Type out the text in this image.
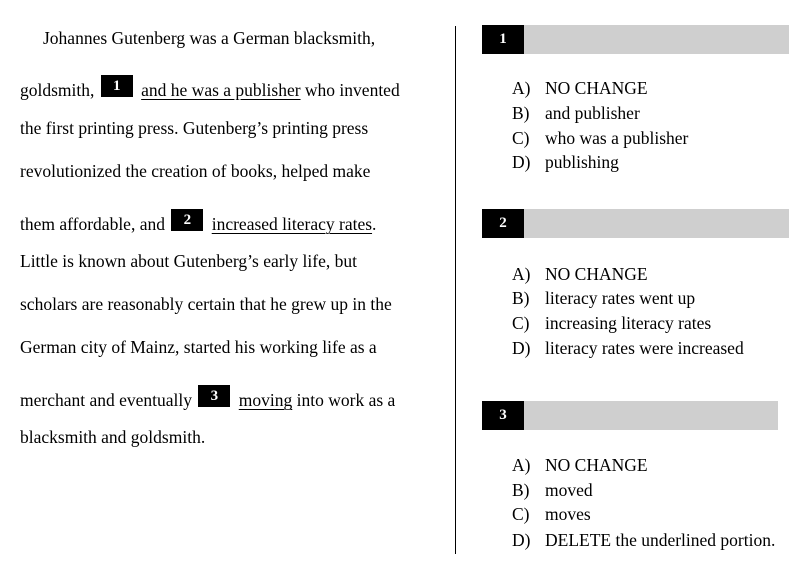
Johannes Gutenberg was a German blacksmith,
goldsmith, 1 and he was a publisher who invented
the first printing press. Gutenberg’s printing press
revolutionized the creation of books, helped make
them affordable, and 2 increased literacy rates.
Little is known about Gutenberg’s early life, but
scholars are reasonably certain that he grew up in the
German city of Mainz, started his working life as a
merchant and eventually 3 moving into work as a
blacksmith and goldsmith.
1
A) NO CHANGE
B) and publisher
C) who was a publisher
D) publishing
2
A) NO CHANGE
B) literacy rates went up
C) increasing literacy rates
D) literacy rates were increased
3
A) NO CHANGE
B) moved
C) moves
D) DELETE the underlined portion.
